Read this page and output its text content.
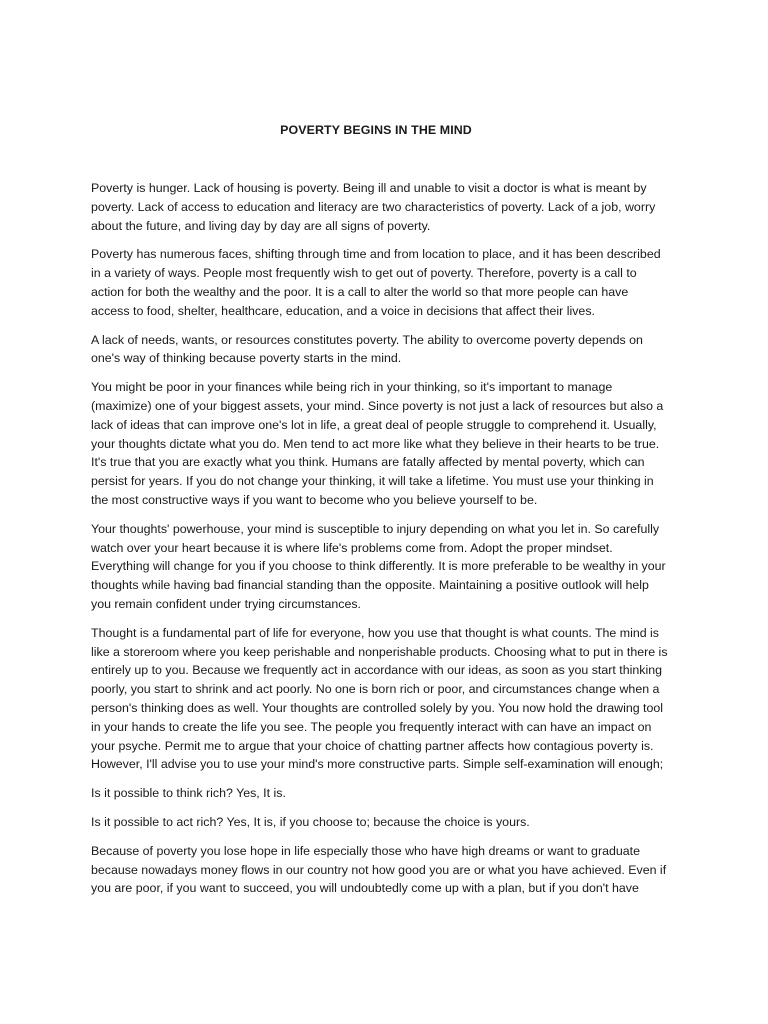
POVERTY BEGINS IN THE MIND

Poverty is hunger. Lack of housing is poverty. Being ill and unable to visit a doctor is what is meant by poverty. Lack of access to education and literacy are two characteristics of poverty. Lack of a job, worry about the future, and living day by day are all signs of poverty.

Poverty has numerous faces, shifting through time and from location to place, and it has been described in a variety of ways. People most frequently wish to get out of poverty. Therefore, poverty is a call to action for both the wealthy and the poor. It is a call to alter the world so that more people can have access to food, shelter, healthcare, education, and a voice in decisions that affect their lives.

A lack of needs, wants, or resources constitutes poverty. The ability to overcome poverty depends on one's way of thinking because poverty starts in the mind.

You might be poor in your finances while being rich in your thinking, so it's important to manage (maximize) one of your biggest assets, your mind. Since poverty is not just a lack of resources but also a lack of ideas that can improve one's lot in life, a great deal of people struggle to comprehend it. Usually, your thoughts dictate what you do. Men tend to act more like what they believe in their hearts to be true. It's true that you are exactly what you think. Humans are fatally affected by mental poverty, which can persist for years. If you do not change your thinking, it will take a lifetime. You must use your thinking in the most constructive ways if you want to become who you believe yourself to be.

Your thoughts' powerhouse, your mind is susceptible to injury depending on what you let in. So carefully watch over your heart because it is where life's problems come from. Adopt the proper mindset. Everything will change for you if you choose to think differently. It is more preferable to be wealthy in your thoughts while having bad financial standing than the opposite. Maintaining a positive outlook will help you remain confident under trying circumstances.

Thought is a fundamental part of life for everyone, how you use that thought is what counts. The mind is like a storeroom where you keep perishable and nonperishable products. Choosing what to put in there is entirely up to you. Because we frequently act in accordance with our ideas, as soon as you start thinking poorly, you start to shrink and act poorly. No one is born rich or poor, and circumstances change when a person's thinking does as well. Your thoughts are controlled solely by you. You now hold the drawing tool in your hands to create the life you see. The people you frequently interact with can have an impact on your psyche. Permit me to argue that your choice of chatting partner affects how contagious poverty is. However, I'll advise you to use your mind's more constructive parts. Simple self-examination will enough;

Is it possible to think rich? Yes, It is.

Is it possible to act rich? Yes, It is, if you choose to; because the choice is yours.

Because of poverty you lose hope in life especially those who have high dreams or want to graduate because nowadays money flows in our country not how good you are or what you have achieved. Even if you are poor, if you want to succeed, you will undoubtedly come up with a plan, but if you don't have
